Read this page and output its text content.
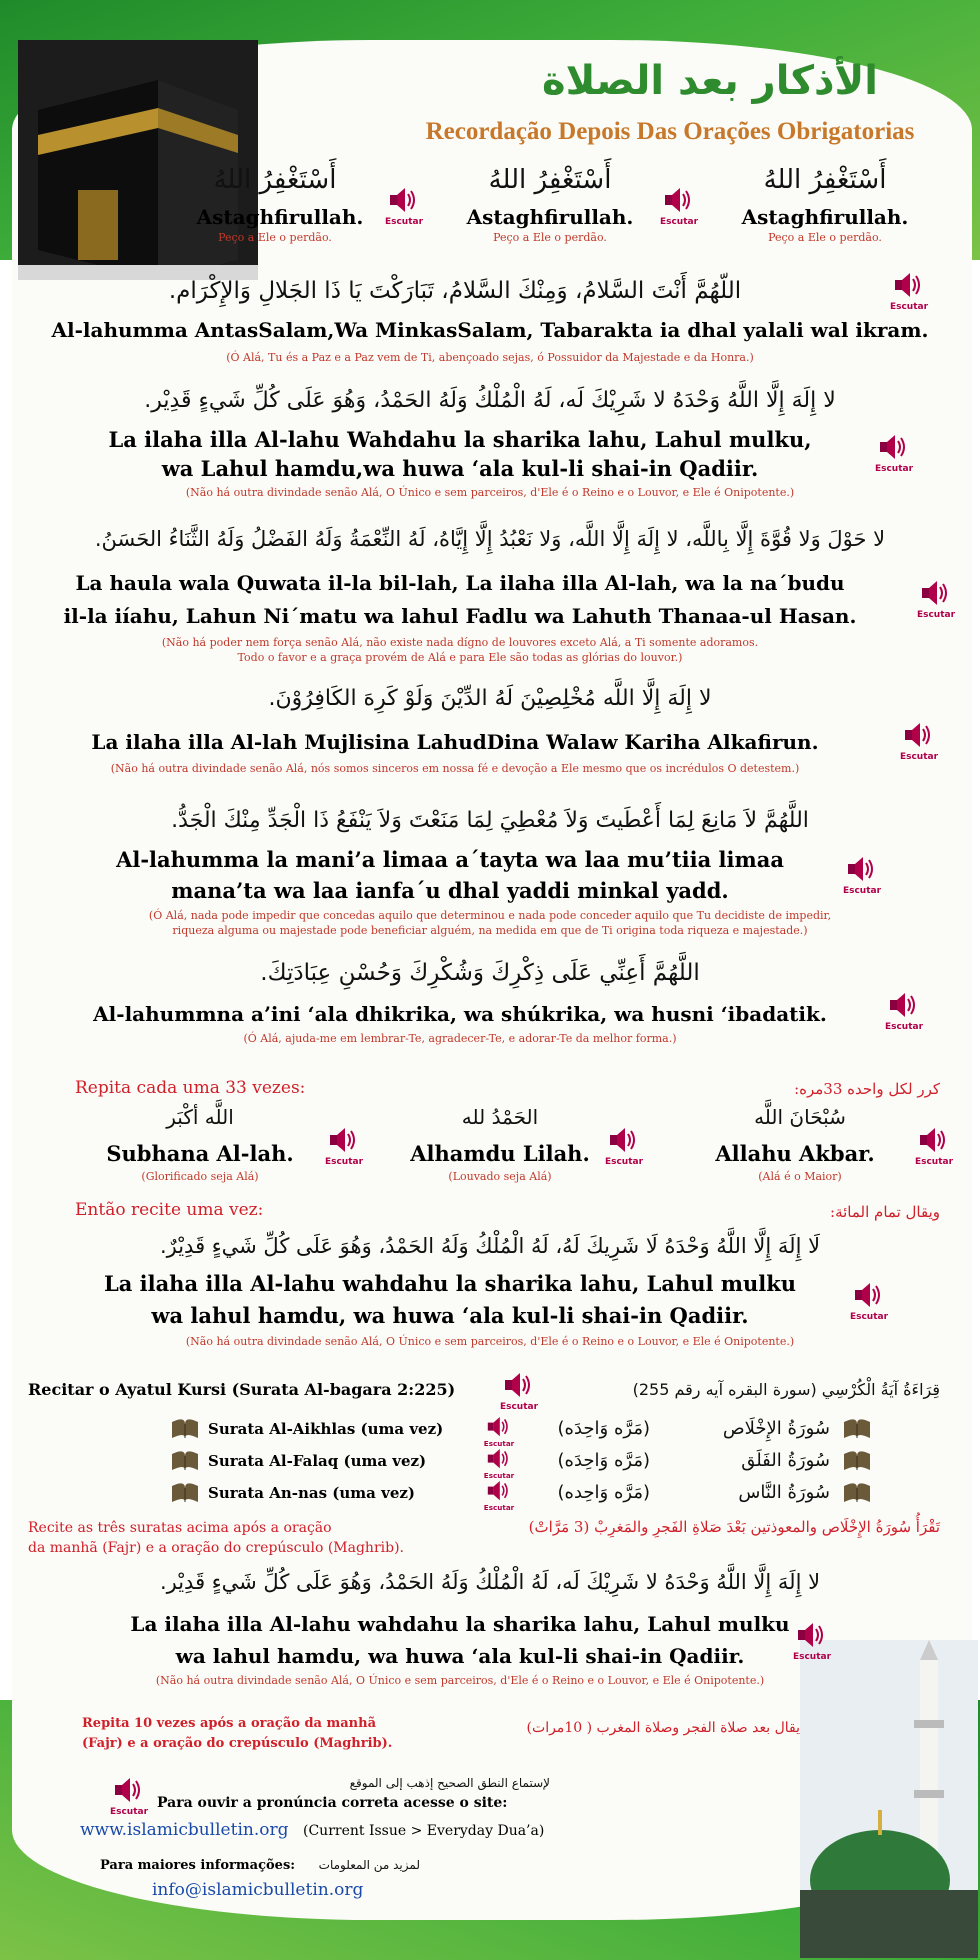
الأذكار بعد الصلاة
Recordação Depois Das Orações Obrigatorias
أَسْتَغْفِرُ اللهُ
Astaghfirullah.
Peço a Ele o perdão.
Escutar
أَسْتَغْفِرُ اللهُ
Astaghfirullah.
Peço a Ele o perdão.
Escutar
أَسْتَغْفِرُ اللهُ
Astaghfirullah.
Peço a Ele o perdão.
اللّهُمَّ أَنْتَ السَّلامُ، وَمِنْكَ السَّلامُ، تَبَارَكْتَ يَا ذَا الجَلالِ وَالإِكْرَام.
Escutar
Al-lahumma AntasSalam,Wa MinkasSalam, Tabarakta ia dhal yalali wal ikram.
(Ó Alá, Tu és a Paz e a Paz vem de Ti, abençoado sejas, ó Possuidor da Majestade e da Honra.)
لا إِلَهَ إِلَّا اللَّهُ وَحْدَهُ لا شَرِيْكَ لَه، لَهُ الْمُلْكُ وَلَهُ الحَمْدُ، وَهُوَ عَلَى كُلِّ شَيءٍ قَدِيْر.
La ilaha illa Al-lahu Wahdahu la sharika lahu, Lahul mulku,
wa Lahul hamdu,wa huwa ‘ala kul-li shai-in Qadiir.	Escutar
(Não há outra divindade senão Alá, O Único e sem parceiros, d'Ele é o Reino e o Louvor, e Ele é Onipotente.)
لا حَوْلَ وَلا قُوَّةَ إِلَّا بِاللَّه، لا إِلَهَ إِلَّا اللَّه، وَلا نَعْبُدُ إِلَّا إِيَّاهُ، لَهُ النِّعْمَةُ وَلَهُ الفَضْلُ وَلَهُ الثَّنَاءُ الحَسَنُ.
La haula wala Quwata il-la bil-lah, La ilaha illa Al-lah, wa la na´budu
il-la iíahu, Lahun Ni´matu wa lahul Fadlu wa Lahuth Thanaa-ul Hasan.	Escutar
(Não há poder nem força senão Alá, não existe nada dígno de louvores exceto Alá, a Ti somente adoramos.
Todo o favor e a graça provém de Alá e para Ele são todas as glórias do louvor.)
لا إِلَهَ إِلَّا اللَّه مُخْلِصِيْنَ لَهُ الدِّيْنَ وَلَوْ كَرِهَ الكَافِرُوْنَ.
La ilaha illa Al-lah Mujlisina LahudDina Walaw Kariha Alkafirun.
Escutar
(Não há outra divindade senão Alá, nós somos sinceros em nossa fé e devoção a Ele mesmo que os incrédulos O detestem.)
اللَّهُمَّ لاَ مَانِعَ لِمَا أَعْطَيتَ وَلاَ مُعْطِيَ لِمَا مَنَعْتَ وَلاَ يَنْفَعُ ذَا الْجَدِّ مِنْكَ الْجَدُّ.
Al-lahumma la mani’a limaa a´tayta wa laa mu’tiia limaa
mana’ta wa laa ianfa´u dhal yaddi minkal yadd.	Escutar
(Ó Alá, nada pode impedir que concedas aquilo que determinou e nada pode conceder aquilo que Tu decidiste de impedir,
riqueza alguma ou majestade pode beneficiar alguém, na medida em que de Ti origina toda riqueza e majestade.)
اللَّهُمَّ أَعِنِّي عَلَى ذِكْرِكَ وَشُكْرِكَ وَحُسْنِ عِبَادَتِكَ.
Al-lahummna a’ini ‘ala dhikrika, wa shúkrika, wa husni ‘ibadatik.
Escutar
(Ó Alá, ajuda-me em lembrar-Te, agradecer-Te, e adorar-Te da melhor forma.)
Repita cada uma 33 vezes:	كرر لكل واحده 33مره:
اللَّه أكْبَر
Subhana Al-lah.
(Glorificado seja Alá)
Escutar
الحَمْدُ لله
Alhamdu Lilah.
(Louvado seja Alá)
Escutar
سُبْحَانَ اللَّه
Allahu Akbar.
(Alá é o Maior)
Escutar
Então recite uma vez:	ويقال تمام المائة:
لَا إِلَهَ إِلَّا اللَّهُ وَحْدَهُ لَا شَرِيكَ لَهُ، لَهُ الْمُلْكُ وَلَهُ الحَمْدُ، وَهُوَ عَلَى كُلِّ شَيءٍ قَدِيْرٌ.
La ilaha illa Al-lahu wahdahu la sharika lahu, Lahul mulku
wa lahul hamdu, wa huwa ‘ala kul-li shai-in Qadiir.	Escutar
(Não há outra divindade senão Alá, O Único e sem parceiros, d'Ele é o Reino e o Louvor, e Ele é Onipotente.)
Recitar o Ayatul Kursi (Surata Al-bagara 2:225)
Escutar
قِرَاءَةُ آيَةُ الْكُرْسِي (سورة البقره آيه رقم 255)
Surata Al-Aikhlas (uma vez)
Escutar
(مَرَّه وَاحِدَه)	سُورَةُ الإِخْلَاص
Surata Al-Falaq (uma vez)
Escutar
(مَرَّه وَاحِدَه)	سُورَةُ الفَلَق
Surata An-nas (uma vez)
Escutar
(مَرَّه وَاحِده)	سُورَةُ النَّاس
Recite as três suratas acima após a oração
da manhã (Fajr) e a oração do crepúsculo (Maghrib).
تَقْرَأُ سُورَةُ الإِخْلَاص والمعوذتين بَعْدَ صَلاةِ الفَجرِ والمَغرِبْ (3 مَرَّاتْ)
لا إِلَهَ إِلَّا اللَّهُ وَحْدَهُ لا شَرِيْكَ لَه، لَهُ الْمُلْكُ وَلَهُ الحَمْدُ، وَهُوَ عَلَى كُلِّ شَيءٍ قَدِيْر.
La ilaha illa Al-lahu wahdahu la sharika lahu, Lahul mulku
wa lahul hamdu, wa huwa ‘ala kul-li shai-in Qadiir.	Escutar
(Não há outra divindade senão Alá, O Único e sem parceiros, d'Ele é o Reino e o Louvor, e Ele é Onipotente.)
Repita 10 vezes após a oração da manhã
(Fajr) e a oração do crepúsculo (Maghrib).
يقال بعد صلاة الفجر وصلاة المغرب ( 10مرات)
Escutar
لإستماع النطق الصحيح إذهب إلى الموقع
Para ouvir a pronúncia correta acesse o site:
www.islamicbulletin.org (Current Issue > Everyday Dua’a)
Para maiores informações:	لمزيد من المعلومات
info@islamicbulletin.org
